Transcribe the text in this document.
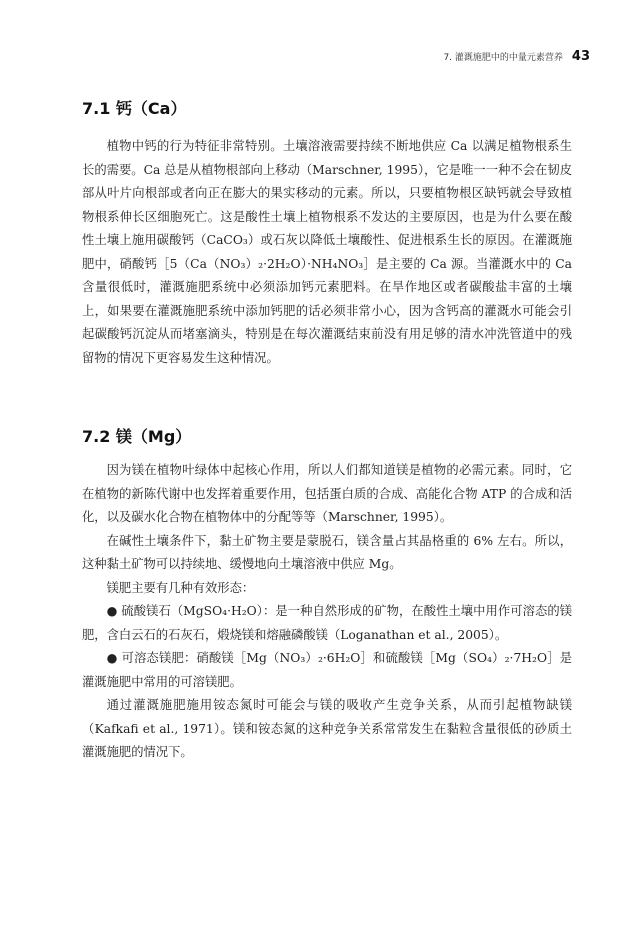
7. 灌溉施肥中的中量元素营养 43
7.1 钙（Ca）

植物中钙的行为特征非常特别。土壤溶液需要持续不断地供应 Ca 以满足植物根系生长的需要。Ca 总是从植物根部向上移动（Marschner, 1995），它是唯一一种不会在韧皮部从叶片向根部或者向正在膨大的果实移动的元素。所以，只要植物根区缺钙就会导致植物根系伸长区细胞死亡。这是酸性土壤上植物根系不发达的主要原因，也是为什么要在酸性土壤上施用碳酸钙（CaCO₃）或石灰以降低土壤酸性、促进根系生长的原因。在灌溉施肥中，硝酸钙［5（Ca（NO₃）₂·2H₂O）·NH₄NO₃］是主要的 Ca 源。当灌溉水中的 Ca 含量很低时，灌溉施肥系统中必须添加钙元素肥料。在旱作地区或者碳酸盐丰富的土壤上，如果要在灌溉施肥系统中添加钙肥的话必须非常小心，因为含钙高的灌溉水可能会引起碳酸钙沉淀从而堵塞滴头，特别是在每次灌溉结束前没有用足够的清水冲洗管道中的残留物的情况下更容易发生这种情况。

7.2 镁（Mg）

因为镁在植物叶绿体中起核心作用，所以人们都知道镁是植物的必需元素。同时，它在植物的新陈代谢中也发挥着重要作用，包括蛋白质的合成、高能化合物 ATP 的合成和活化，以及碳水化合物在植物体中的分配等等（Marschner, 1995）。

在碱性土壤条件下，黏土矿物主要是蒙脱石，镁含量占其晶格重的 6% 左右。所以，这种黏土矿物可以持续地、缓慢地向土壤溶液中供应 Mg。

镁肥主要有几种有效形态：

● 硫酸镁石（MgSO₄·H₂O）：是一种自然形成的矿物，在酸性土壤中用作可溶态的镁肥，含白云石的石灰石，煅烧镁和熔融磷酸镁（Loganathan et al., 2005）。

● 可溶态镁肥：硝酸镁［Mg（NO₃）₂·6H₂O］和硫酸镁［Mg（SO₄）₂·7H₂O］是灌溉施肥中常用的可溶镁肥。

通过灌溉施肥施用铵态氮时可能会与镁的吸收产生竞争关系，从而引起植物缺镁（Kafkafi et al., 1971）。镁和铵态氮的这种竞争关系常常发生在黏粒含量很低的砂质土灌溉施肥的情况下。
